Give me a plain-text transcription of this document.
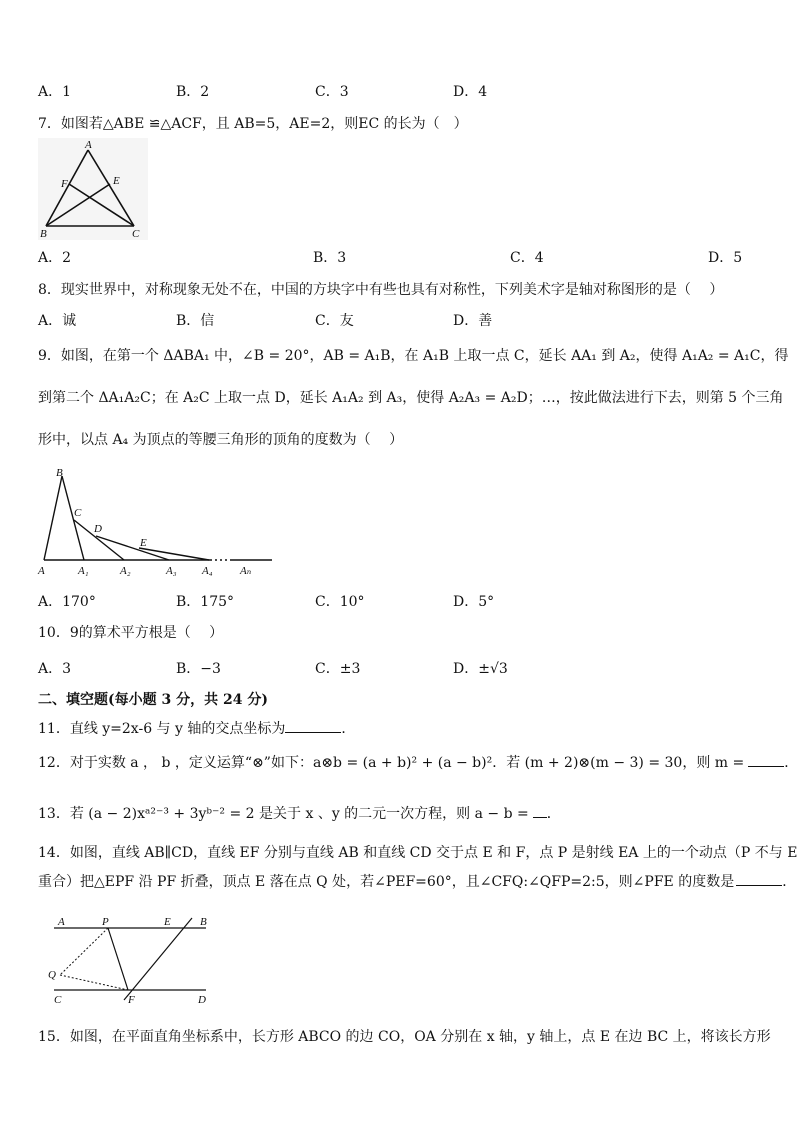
A．1	B．2	C．3	D．4
7．如图若△ABE ≌△ACF，且 AB=5，AE=2，则EC 的长为（　）
A
F	E
B	C
A．2	B．3	C．4	D．5
8．现实世界中，对称现象无处不在，中国的方块字中有些也具有对称性，下列美术字是轴对称图形的是（　 ）
A．诚	B．信	C．友	D．善
9．如图，在第一个 ΔABA₁ 中，∠B = 20°，AB = A₁B，在 A₁B 上取一点 C，延长 AA₁ 到 A₂，使得 A₁A₂ = A₁C，得
到第二个 ΔA₁A₂C；在 A₂C 上取一点 D，延长 A₁A₂ 到 A₃，使得 A₂A₃ = A₂D；…，按此做法进行下去，则第 5 个三角
形中，以点 A₄ 为顶点的等腰三角形的顶角的度数为（　 ）
B
C
D
E
A	A₁	A₂	A₃ A₄ Aₙ
A．170°	B．175°	C．10°	D．5°
10．9的算术平方根是（　 ）
A．3	B．−3	C．±3	D．±√3
二、填空题(每小题 3 分，共 24 分)
11．直线 y=2x-6 与 y 轴的交点坐标为	．
12．对于实数 a ， b ，定义运算“⊗”如下：a⊗b = (a + b)² + (a − b)²．若 (m + 2)⊗(m − 3) = 30，则 m =	．
13．若 (a − 2)xᵃ²⁻³ + 3yᵇ⁻² = 2 是关于 x 、y 的二元一次方程，则 a − b = ．
14．如图，直线 AB∥CD，直线 EF 分别与直线 AB 和直线 CD 交于点 E 和 F，点 P 是射线 EA 上的一个动点（P 不与 E
重合）把△EPF 沿 PF 折叠，顶点 E 落在点 Q 处，若∠PEF=60°，且∠CFQ:∠QFP=2:5，则∠PFE 的度数是	．
A	P	E	B
Q
C	F	D
15．如图，在平面直角坐标系中，长方形 ABCO 的边 CO，OA 分别在 x 轴，y 轴上，点 E 在边 BC 上，将该长方形
